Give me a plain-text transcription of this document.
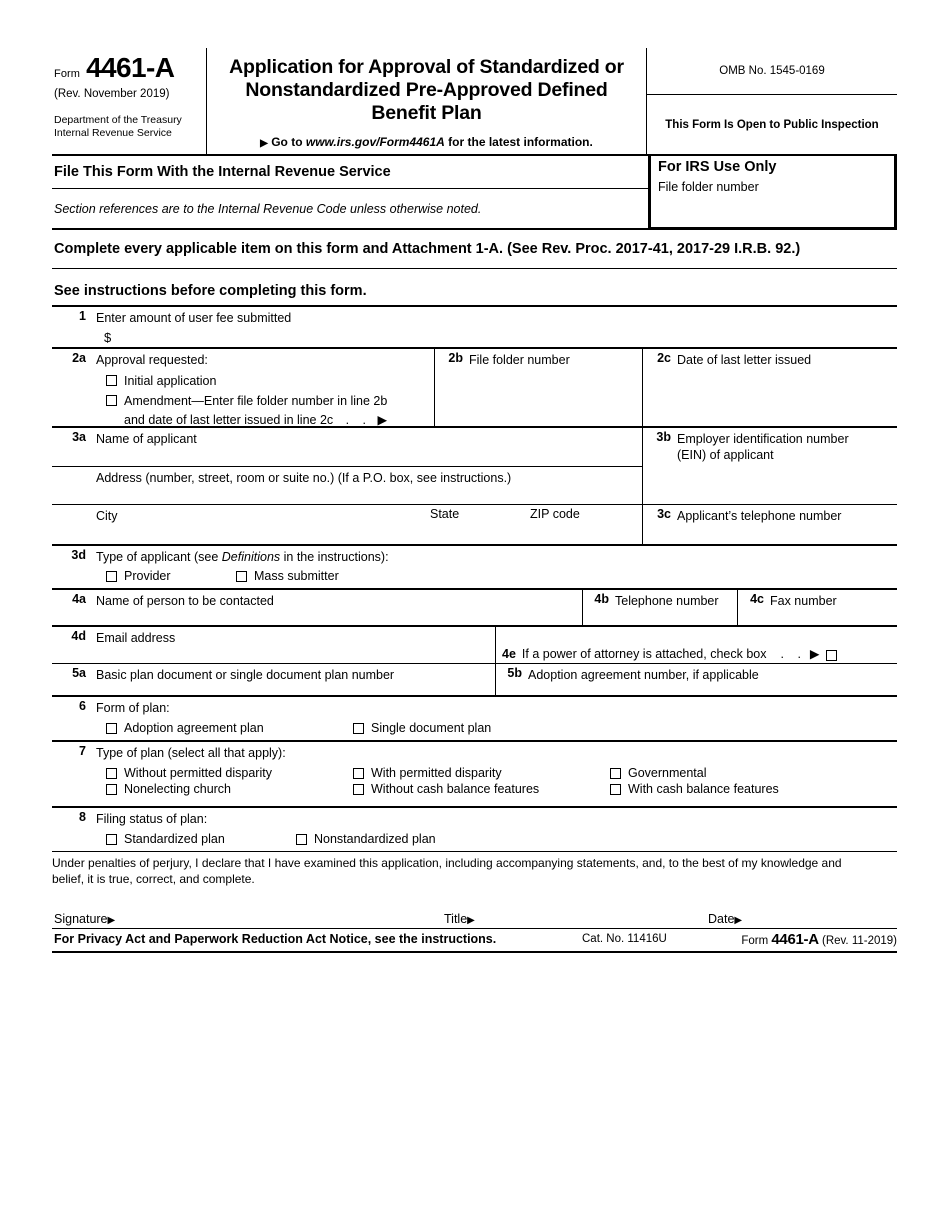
Form 4461-A
(Rev. November 2019)
Department of the Treasury
Internal Revenue Service
Application for Approval of Standardized or
Nonstandardized Pre-Approved Defined
Benefit Plan
▶ Go to www.irs.gov/Form4461A for the latest information.
OMB No. 1545-0169
This Form Is Open to Public Inspection
File This Form With the Internal Revenue Service
Section references are to the Internal Revenue Code unless otherwise noted.
For IRS Use Only
File folder number
Complete every applicable item on this form and Attachment 1-A. (See Rev. Proc. 2017-41, 2017-29 I.R.B. 92.)
See instructions before completing this form.
1 Enter amount of user fee submitted
$
2a Approval requested:
Initial application
Amendment—Enter file folder number in line 2b
and date of last letter issued in line 2c . . ▶
2b File folder number	2c Date of last letter issued
3a Name of applicant
Address (number, street, room or suite no.) (If a P.O. box, see instructions.)
City	State	ZIP code
3b Employer identification number
(EIN) of applicant
3c Applicant’s telephone number
3d Type of applicant (see Definitions in the instructions):
Provider	Mass submitter
4a Name of person to be contacted	4b Telephone number	4c Fax number
4d Email address
4e If a power of attorney is attached, check box . . ▶
5a Basic plan document or single document plan number	5b Adoption agreement number, if applicable
6 Form of plan:
Adoption agreement plan	Single document plan
7 Type of plan (select all that apply):
Without permitted disparity	With permitted disparity	Governmental
Nonelecting church	Without cash balance features	With cash balance features
8 Filing status of plan:
Standardized plan	Nonstandardized plan
Under penalties of perjury, I declare that I have examined this application, including accompanying statements, and, to the best of my knowledge and
belief, it is true, correct, and complete.
Signature▶	Title▶	Date▶
For Privacy Act and Paperwork Reduction Act Notice, see the instructions.	Cat. No. 11416U	Form 4461-A (Rev. 11-2019)
